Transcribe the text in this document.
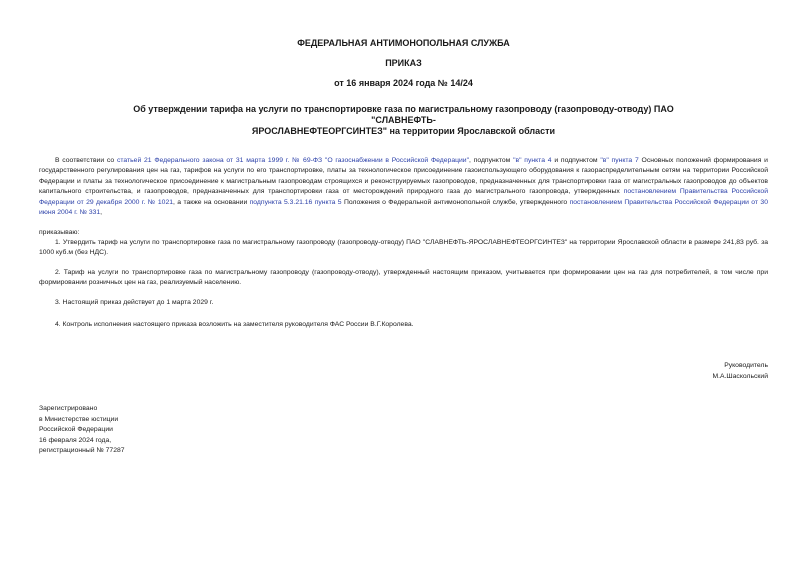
ФЕДЕРАЛЬНАЯ АНТИМОНОПОЛЬНАЯ СЛУЖБА
ПРИКАЗ
от 16 января 2024 года № 14/24
Об утверждении тарифа на услуги по транспортировке газа по магистральному газопроводу (газопроводу-отводу) ПАО "СЛАВНЕФТЬ-
ЯРОСЛАВНЕФТЕОРГСИНТЕЗ" на территории Ярославской области

В соответствии со статьей 21 Федерального закона от 31 марта 1999 г. № 69-ФЗ "О газоснабжении в Российской Федерации", подпунктом "в" пункта 4 и подпунктом "в" пункта 7 Основных положений формирования и государственного регулирования цен на газ, тарифов на услуги по его транспортировке, платы за технологическое присоединение газоиспользующего оборудования к газораспределительным сетям на территории Российской Федерации и платы за технологическое присоединение к магистральным газопроводам строящихся и реконструируемых газопроводов, предназначенных для транспортировки газа от магистральных газопроводов до объектов капитального строительства, и газопроводов, предназначенных для транспортировки газа от месторождений природного газа до магистрального газопровода, утвержденных постановлением Правительства Российской Федерации от 29 декабря 2000 г. № 1021, а также на основании подпункта 5.3.21.16 пункта 5 Положения о Федеральной антимонопольной службе, утвержденного постановлением Правительства Российской Федерации от 30 июня 2004 г. № 331,

приказываю:
1. Утвердить тариф на услуги по транспортировке газа по магистральному газопроводу (газопроводу-отводу) ПАО "СЛАВНЕФТЬ-ЯРОСЛАВНЕФТЕОРГСИНТЕЗ" на территории Ярославской области в размере 241,83 руб. за 1000 куб.м (без НДС).
2. Тариф на услуги по транспортировке газа по магистральному газопроводу (газопроводу-отводу), утвержденный настоящим приказом, учитывается при формировании цен на газ для потребителей, в том числе при формировании розничных цен на газ, реализуемый населению.
3. Настоящий приказ действует до 1 марта 2029 г.
4. Контроль исполнения настоящего приказа возложить на заместителя руководителя ФАС России В.Г.Королева.
Руководитель
М.А.Шаскольский
Зарегистрировано
в Министерстве юстиции
Российской Федерации
16 февраля 2024 года,
регистрационный № 77287
